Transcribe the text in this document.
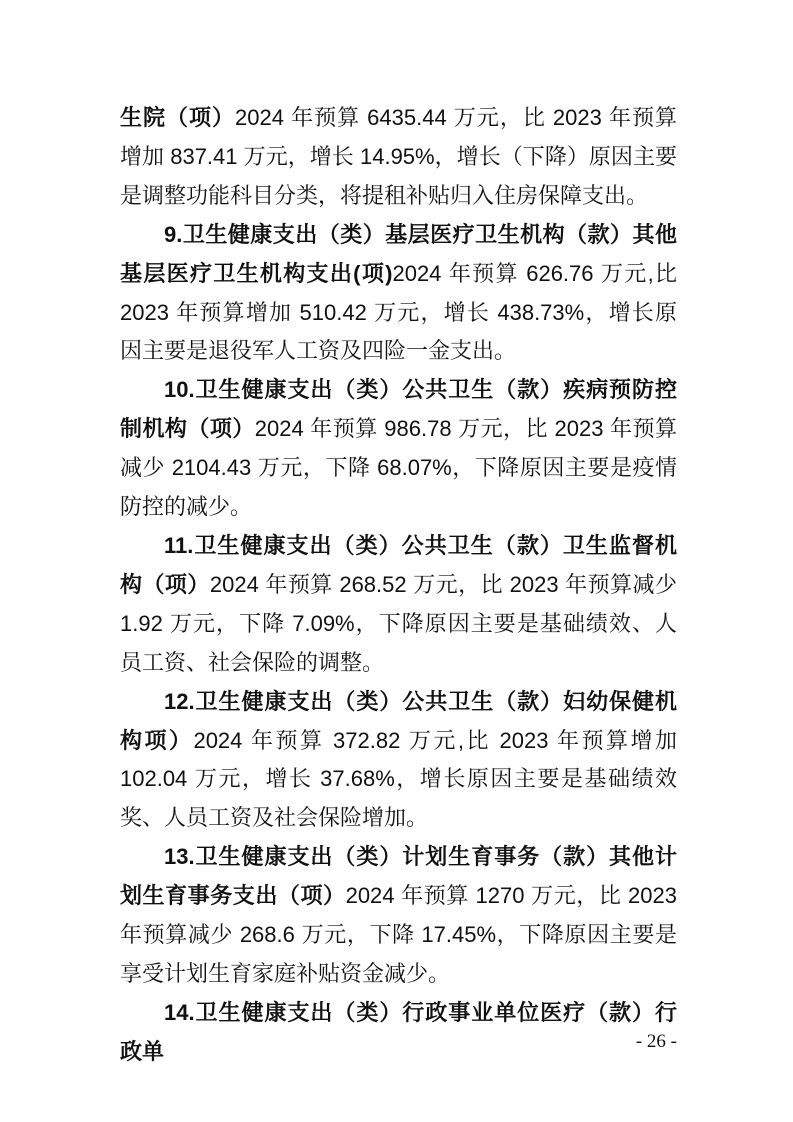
生院（项）2024 年预算 6435.44 万元，比 2023 年预算增加 837.41 万元，增长 14.95%，增长（下降）原因主要是调整功能科目分类，将提租补贴归入住房保障支出。

9.卫生健康支出（类）基层医疗卫生机构（款）其他基层医疗卫生机构支出(项)2024 年预算 626.76 万元,比 2023 年预算增加 510.42 万元，增长 438.73%，增长原因主要是退役军人工资及四险一金支出。

10.卫生健康支出（类）公共卫生（款）疾病预防控制机构（项）2024 年预算 986.78 万元，比 2023 年预算减少 2104.43 万元，下降 68.07%，下降原因主要是疫情防控的减少。

11.卫生健康支出（类）公共卫生（款）卫生监督机构（项）2024 年预算 268.52 万元，比 2023 年预算减少 1.92 万元，下降 7.09%，下降原因主要是基础绩效、人员工资、社会保险的调整。

12.卫生健康支出（类）公共卫生（款）妇幼保健机构项）2024 年预算 372.82 万元,比 2023 年预算增加 102.04 万元，增长 37.68%，增长原因主要是基础绩效奖、人员工资及社会保险增加。

13.卫生健康支出（类）计划生育事务（款）其他计划生育事务支出（项）2024 年预算 1270 万元，比 2023 年预算减少 268.6 万元，下降 17.45%，下降原因主要是享受计划生育家庭补贴资金减少。

14.卫生健康支出（类）行政事业单位医疗（款）行政单	- 26 -
